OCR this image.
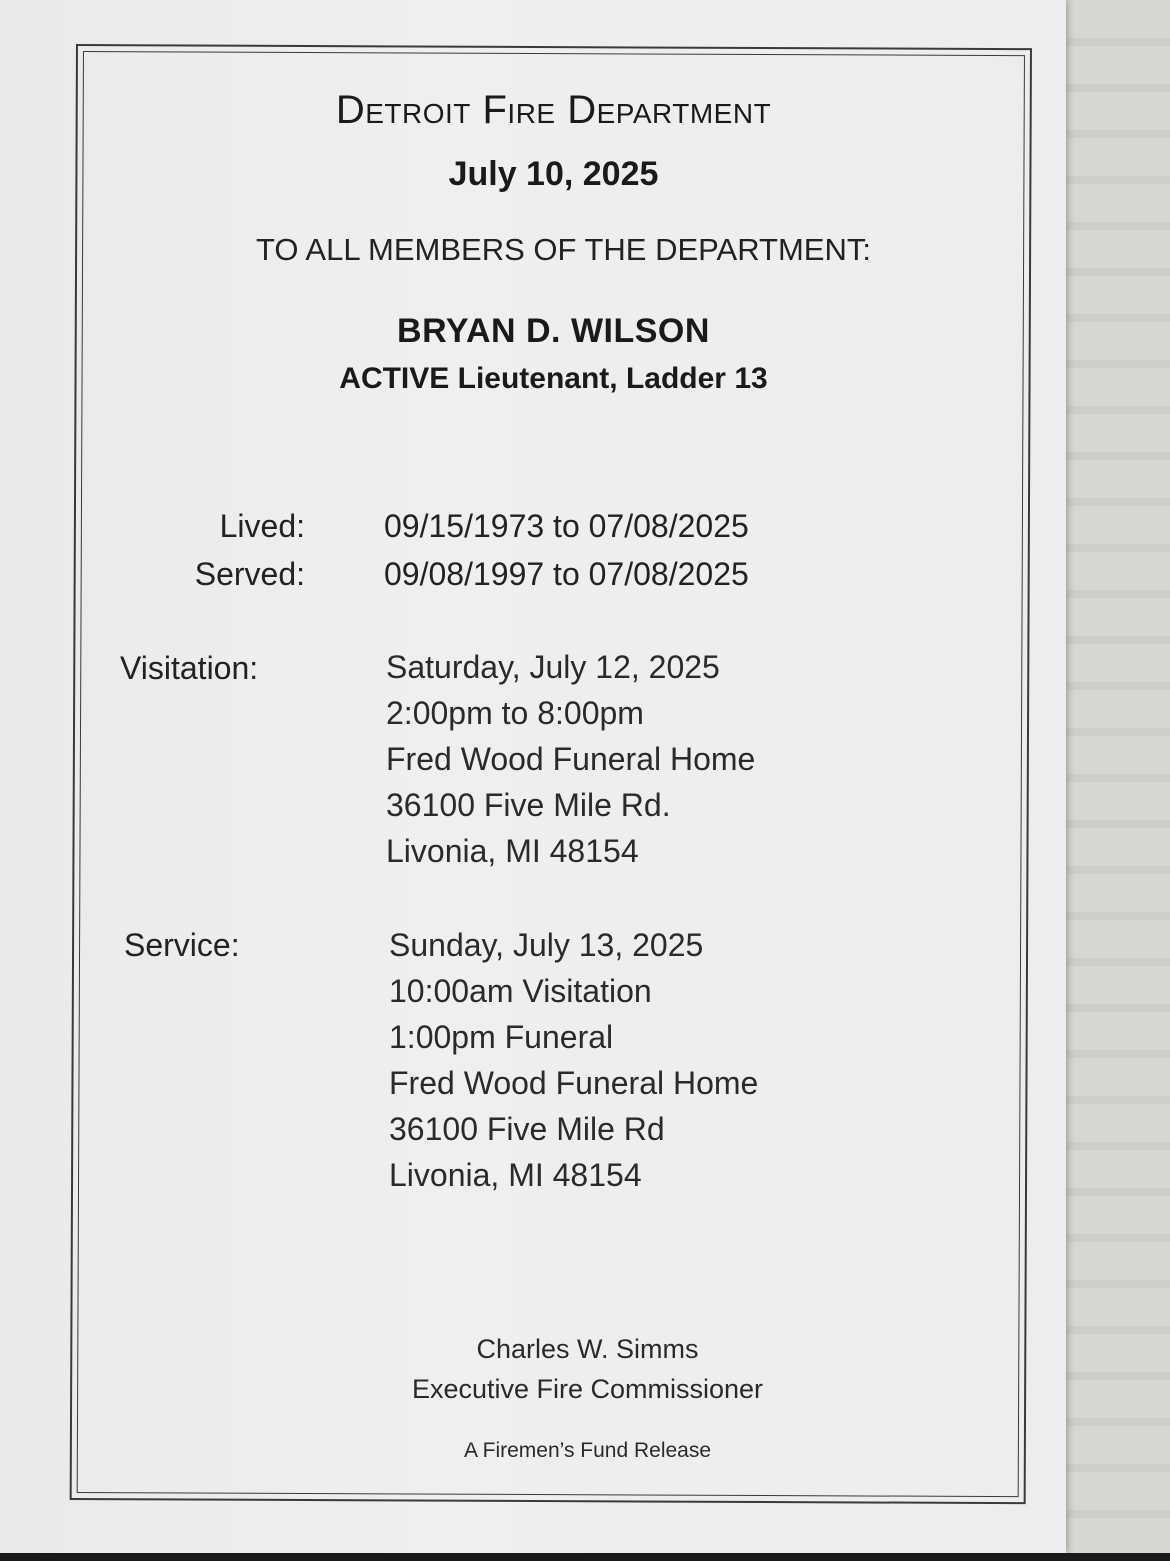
Detroit Fire Department
July 10, 2025
TO ALL MEMBERS OF THE DEPARTMENT:
BRYAN D. WILSON
ACTIVE Lieutenant, Ladder 13
Lived: 09/15/1973 to 07/08/2025
Served: 09/08/1997 to 07/08/2025
Visitation:	Saturday, July 12, 2025
2:00pm to 8:00pm
Fred Wood Funeral Home
36100 Five Mile Rd.
Livonia, MI 48154
Service:	Sunday, July 13, 2025
10:00am Visitation
1:00pm Funeral
Fred Wood Funeral Home
36100 Five Mile Rd
Livonia, MI 48154
Charles W. Simms
Executive Fire Commissioner
A Firemen’s Fund Release
